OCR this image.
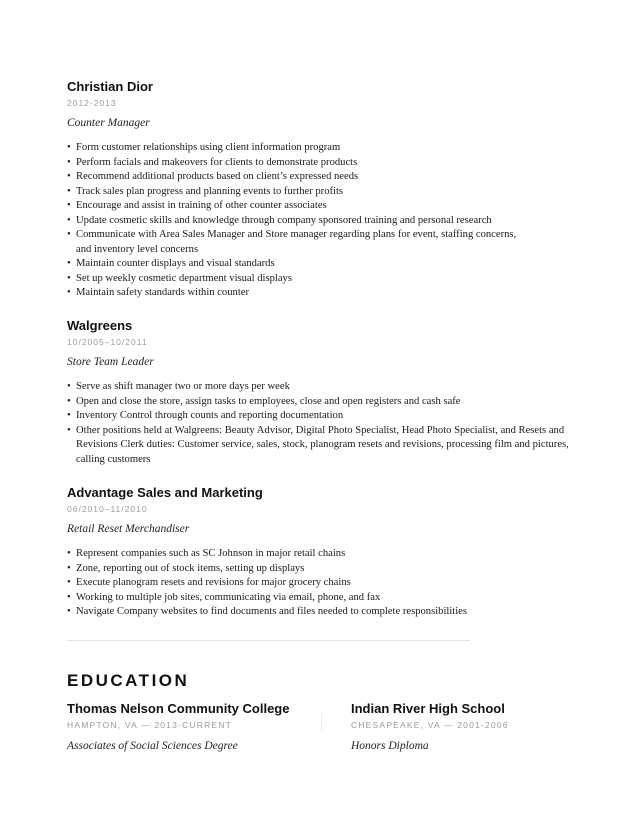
Christian Dior
2012-2013
Counter Manager
• Form customer relationships using client information program
• Perform facials and makeovers for clients to demonstrate products
• Recommend additional products based on client’s expressed needs
• Track sales plan progress and planning events to further profits
• Encourage and assist in training of other counter associates
• Update cosmetic skills and knowledge through company sponsored training and personal research
• Communicate with Area Sales Manager and Store manager regarding plans for event, staffing concerns, and inventory level concerns
• Maintain counter displays and visual standards
• Set up weekly cosmetic department visual displays
• Maintain safety standards within counter
Walgreens
10/2005–10/2011
Store Team Leader
• Serve as shift manager two or more days per week
• Open and close the store, assign tasks to employees, close and open registers and cash safe
• Inventory Control through counts and reporting documentation
• Other positions held at Walgreens: Beauty Advisor, Digital Photo Specialist, Head Photo Specialist, and Resets and Revisions Clerk duties: Customer service, sales, stock, planogram resets and revisions, processing film and pictures, calling customers
Advantage Sales and Marketing
06/2010–11/2010
Retail Reset Merchandiser
• Represent companies such as SC Johnson in major retail chains
• Zone, reporting out of stock items, setting up displays
• Execute planogram resets and revisions for major grocery chains
• Working to multiple job sites, communicating via email, phone, and fax
• Navigate Company websites to find documents and files needed to complete responsibilities
EDUCATION
Thomas Nelson Community College
HAMPTON, VA — 2013-CURRENT
Associates of Social Sciences Degree
Indian River High School
CHESAPEAKE, VA — 2001-2006
Honors Diploma
